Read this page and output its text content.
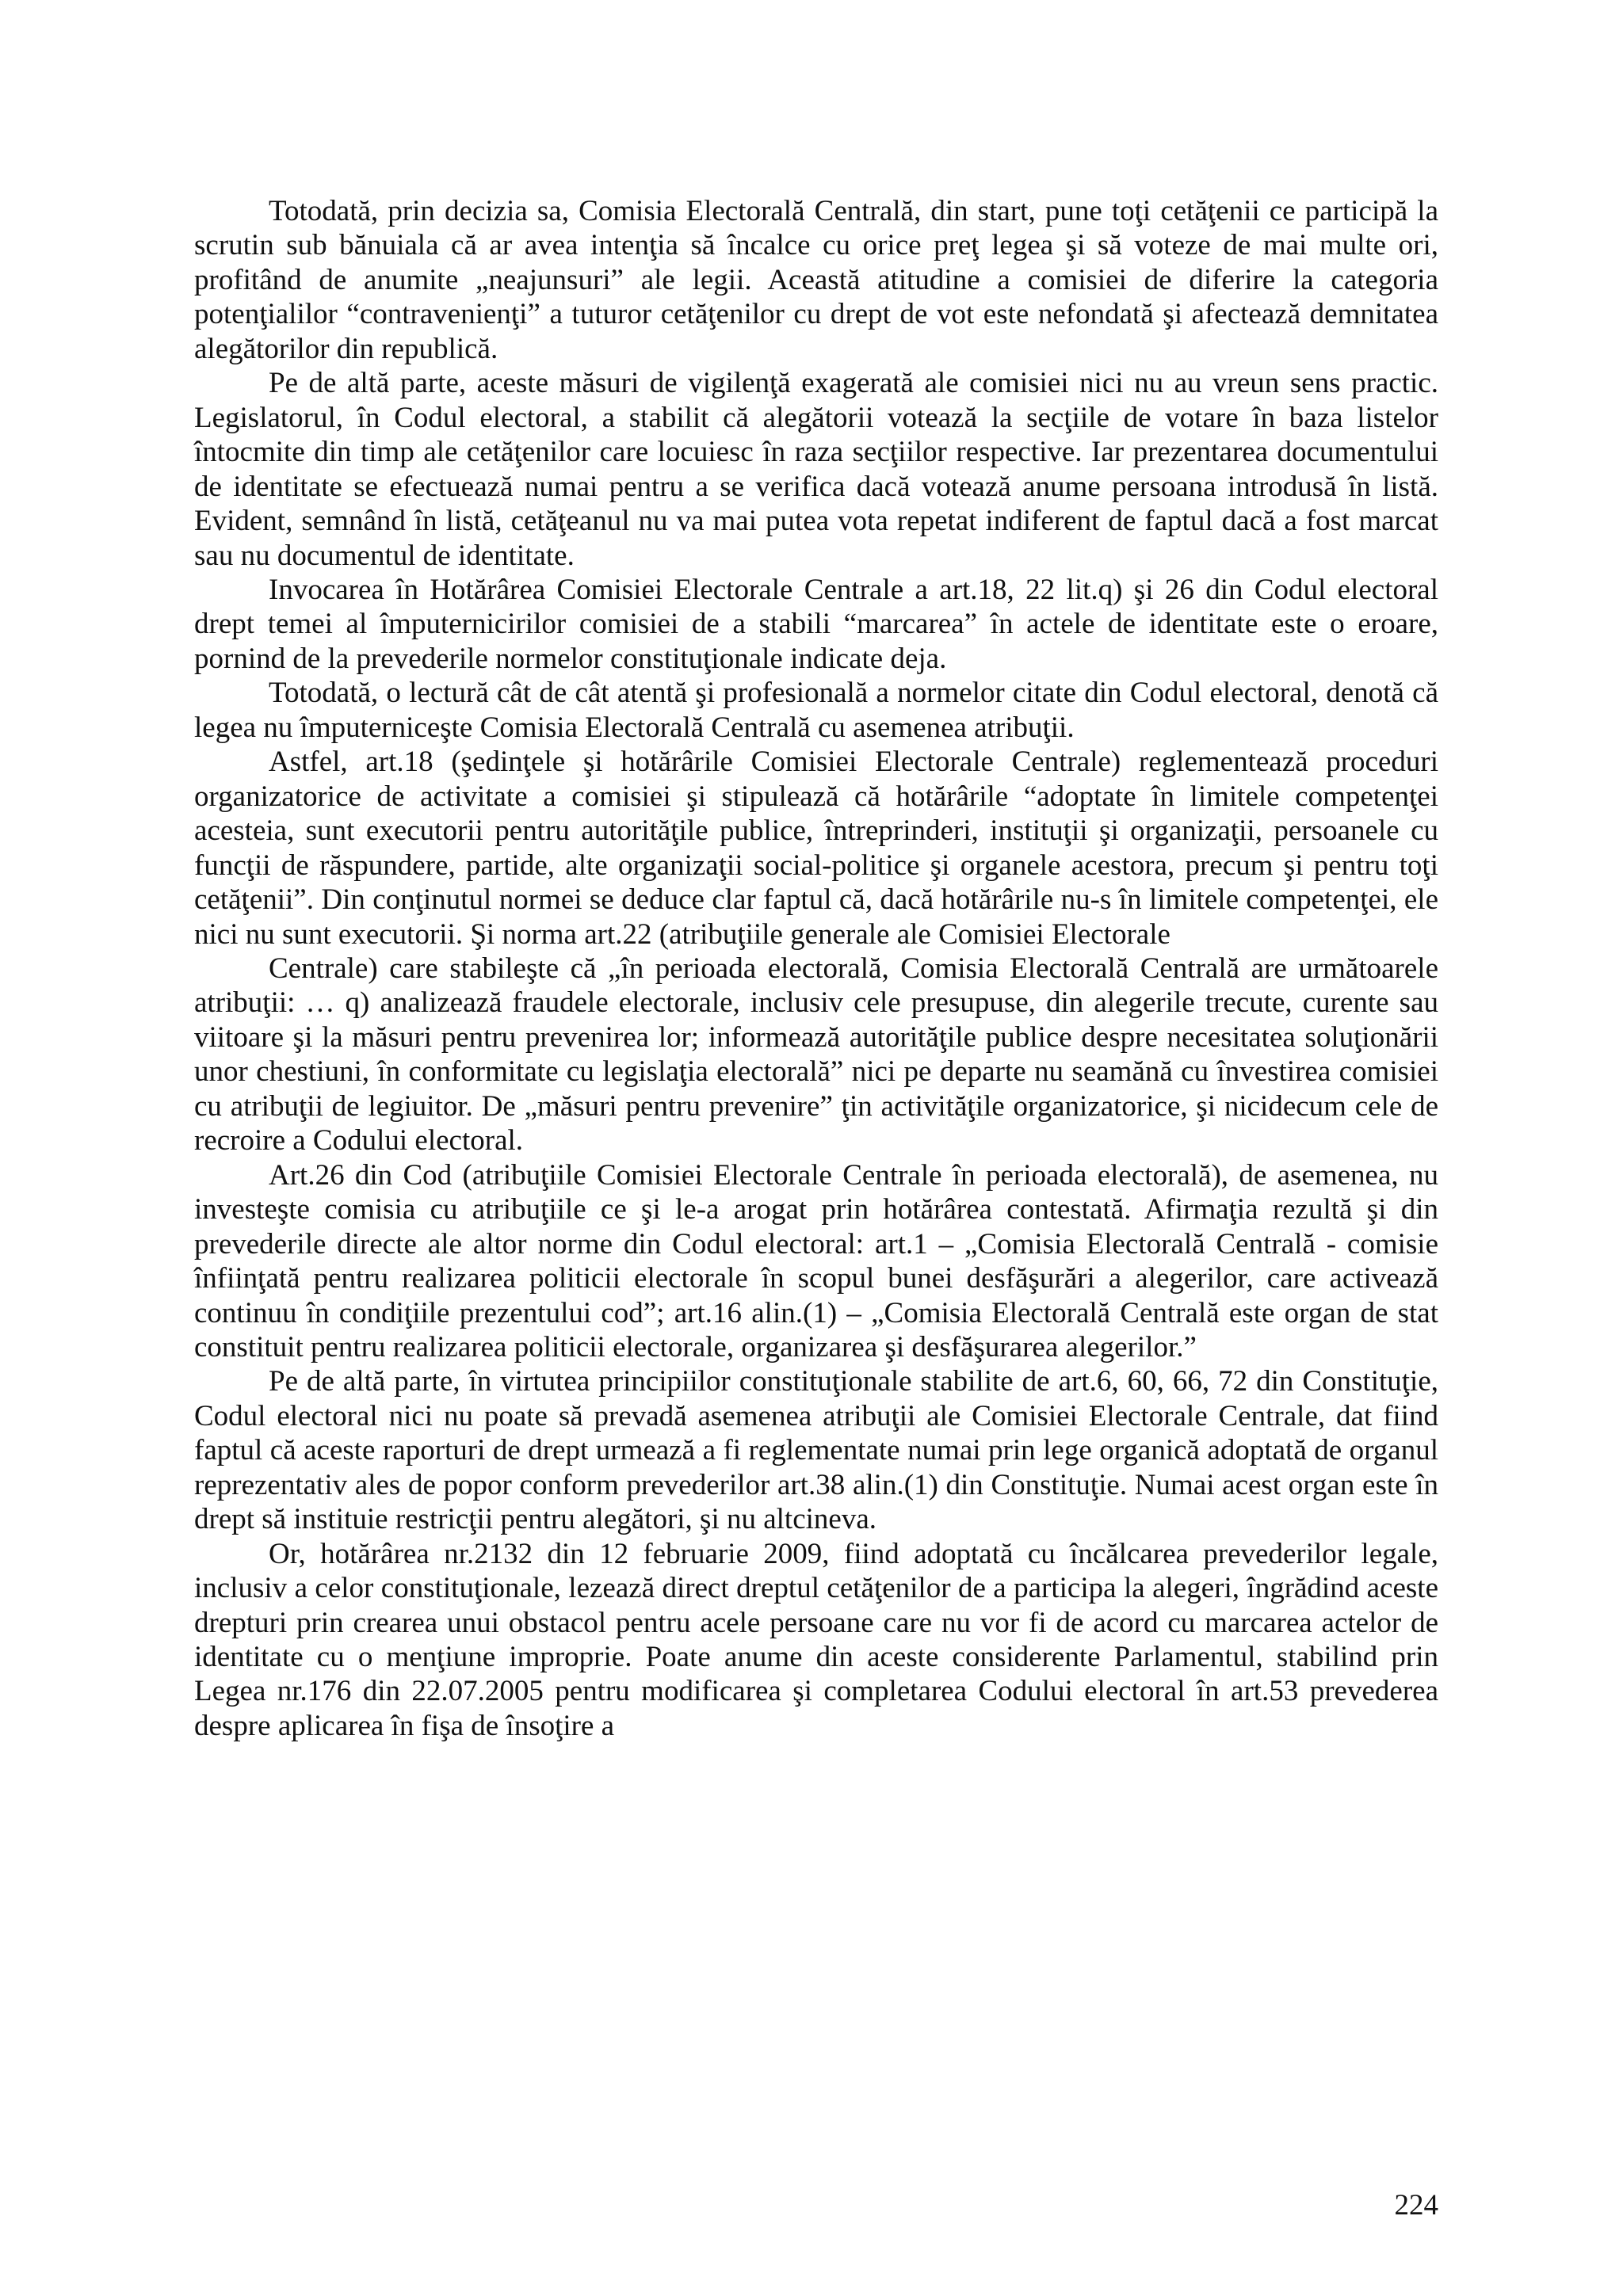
Totodată, prin decizia sa, Comisia Electorală Centrală, din start, pune toţi cetăţenii ce participă la scrutin sub bănuiala că ar avea intenţia să încalce cu orice preţ legea şi să voteze de mai multe ori, profitând de anumite „neajunsuri” ale legii. Această atitudine a comisiei de diferire la categoria potenţialilor “contravenienţi” a tuturor cetăţenilor cu drept de vot este nefondată şi afectează demnitatea alegătorilor din republică.

Pe de altă parte, aceste măsuri de vigilenţă exagerată ale comisiei nici nu au vreun sens practic. Legislatorul, în Codul electoral, a stabilit că alegătorii votează la secţiile de votare în baza listelor întocmite din timp ale cetăţenilor care locuiesc în raza secţiilor respective. Iar prezentarea documentului de identitate se efectuează numai pentru a se verifica dacă votează anume persoana introdusă în listă. Evident, semnând în listă, cetăţeanul nu va mai putea vota repetat indiferent de faptul dacă a fost marcat sau nu documentul de identitate.

Invocarea în Hotărârea Comisiei Electorale Centrale a art.18, 22 lit.q) şi 26 din Codul electoral drept temei al împuternicirilor comisiei de a stabili “marcarea” în actele de identitate este o eroare, pornind de la prevederile normelor constituţionale indicate deja.

Totodată, o lectură cât de cât atentă şi profesională a normelor citate din Codul electoral, denotă că legea nu împuterniceşte Comisia Electorală Centrală cu asemenea atribuţii.

Astfel, art.18 (şedinţele şi hotărârile Comisiei Electorale Centrale) reglementează proceduri organizatorice de activitate a comisiei şi stipulează că hotărârile “adoptate în limitele competenţei acesteia, sunt executorii pentru autorităţile publice, întreprinderi, instituţii şi organizaţii, persoanele cu funcţii de răspundere, partide, alte organizaţii social-politice şi organele acestora, precum şi pentru toţi cetăţenii”. Din conţinutul normei se deduce clar faptul că, dacă hotărârile nu-s în limitele competenţei, ele nici nu sunt executorii. Şi norma art.22 (atribuţiile generale ale Comisiei Electorale

Centrale) care stabileşte că „în perioada electorală, Comisia Electorală Centrală are următoarele atribuţii: … q) analizează fraudele electorale, inclusiv cele presupuse, din alegerile trecute, curente sau viitoare şi la măsuri pentru prevenirea lor; informează autorităţile publice despre necesitatea soluţionării unor chestiuni, în conformitate cu legislaţia electorală” nici pe departe nu seamănă cu învestirea comisiei cu atribuţii de legiuitor. De „măsuri pentru prevenire” ţin activităţile organizatorice, şi nicidecum cele de recroire a Codului electoral.

Art.26 din Cod (atribuţiile Comisiei Electorale Centrale în perioada electorală), de asemenea, nu investeşte comisia cu atribuţiile ce şi le-a arogat prin hotărârea contestată. Afirmaţia rezultă şi din prevederile directe ale altor norme din Codul electoral: art.1 – „Comisia Electorală Centrală - comisie înfiinţată pentru realizarea politicii electorale în scopul bunei desfăşurări a alegerilor, care activează continuu în condiţiile prezentului cod”; art.16 alin.(1) – „Comisia Electorală Centrală este organ de stat constituit pentru realizarea politicii electorale, organizarea şi desfăşurarea alegerilor.”

Pe de altă parte, în virtutea principiilor constituţionale stabilite de art.6, 60, 66, 72 din Constituţie, Codul electoral nici nu poate să prevadă asemenea atribuţii ale Comisiei Electorale Centrale, dat fiind faptul că aceste raporturi de drept urmează a fi reglementate numai prin lege organică adoptată de organul reprezentativ ales de popor conform prevederilor art.38 alin.(1) din Constituţie. Numai acest organ este în drept să instituie restricţii pentru alegători, şi nu altcineva.

Or, hotărârea nr.2132 din 12 februarie 2009, fiind adoptată cu încălcarea prevederilor legale, inclusiv a celor constituţionale, lezează direct dreptul cetăţenilor de a participa la alegeri, îngrădind aceste drepturi prin crearea unui obstacol pentru acele persoane care nu vor fi de acord cu marcarea actelor de identitate cu o menţiune improprie. Poate anume din aceste considerente Parlamentul, stabilind prin Legea nr.176 din 22.07.2005 pentru modificarea şi completarea Codului electoral în art.53 prevederea despre aplicarea în fişa de însoţire a

224
